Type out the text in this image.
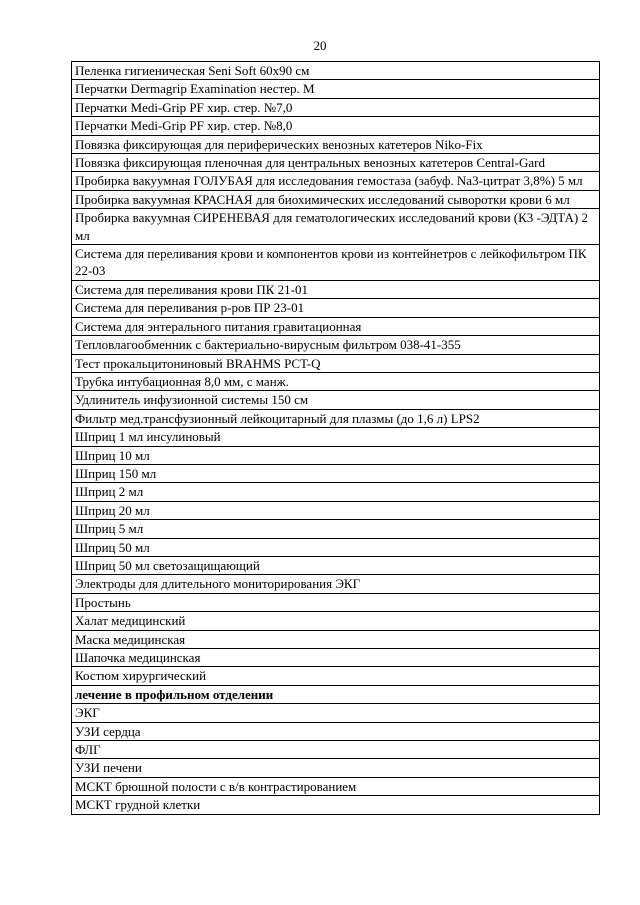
20
Пеленка гигиеническая Seni Soft 60х90 см
Перчатки Dermagrip Examination нестер. M
Перчатки Medi-Grip PF хир. стер. №7,0
Перчатки Medi-Grip PF хир. стер. №8,0
Повязка фиксирующая для периферических венозных катетеров Niko-Fix
Повязка фиксирующая пленочная для центральных венозных катетеров Central-Gard
Пробирка вакуумная ГОЛУБАЯ для исследования гемостаза (забуф. Na3-цитрат 3,8%) 5 мл
Пробирка вакуумная КРАСНАЯ для биохимических исследований сыворотки крови 6 мл
Пробирка вакуумная СИРЕНЕВАЯ для гематологических исследований крови (К3 -ЭДТА) 2 мл
Система для переливания крови и компонентов крови из контейнетров с лейкофильтром ПК 22-03
Система для переливания крови ПК 21-01
Система для переливания р-ров ПР 23-01
Система для энтерального питания гравитационная
Тепловлагообменник с бактериально-вирусным фильтром 038-41-355
Тест прокальцитониновый BRAHMS PCT-Q
Трубка интубационная 8,0 мм, с манж.
Удлинитель инфузионной системы 150 см
Фильтр мед.трансфузионный лейкоцитарный для плазмы (до 1,6 л) LPS2
Шприц 1 мл инсулиновый
Шприц 10 мл
Шприц 150 мл
Шприц 2 мл
Шприц 20 мл
Шприц 5 мл
Шприц 50 мл
Шприц 50 мл светозащищающий
Электроды для длительного мониторирования ЭКГ
Простынь
Халат медицинский
Маска медицинская
Шапочка медицинская
Костюм хирургический
лечение в профильном отделении
ЭКГ
УЗИ сердца
ФЛГ
УЗИ печени
МСКТ брюшной полости с в/в контрастированием
МСКТ грудной клетки
